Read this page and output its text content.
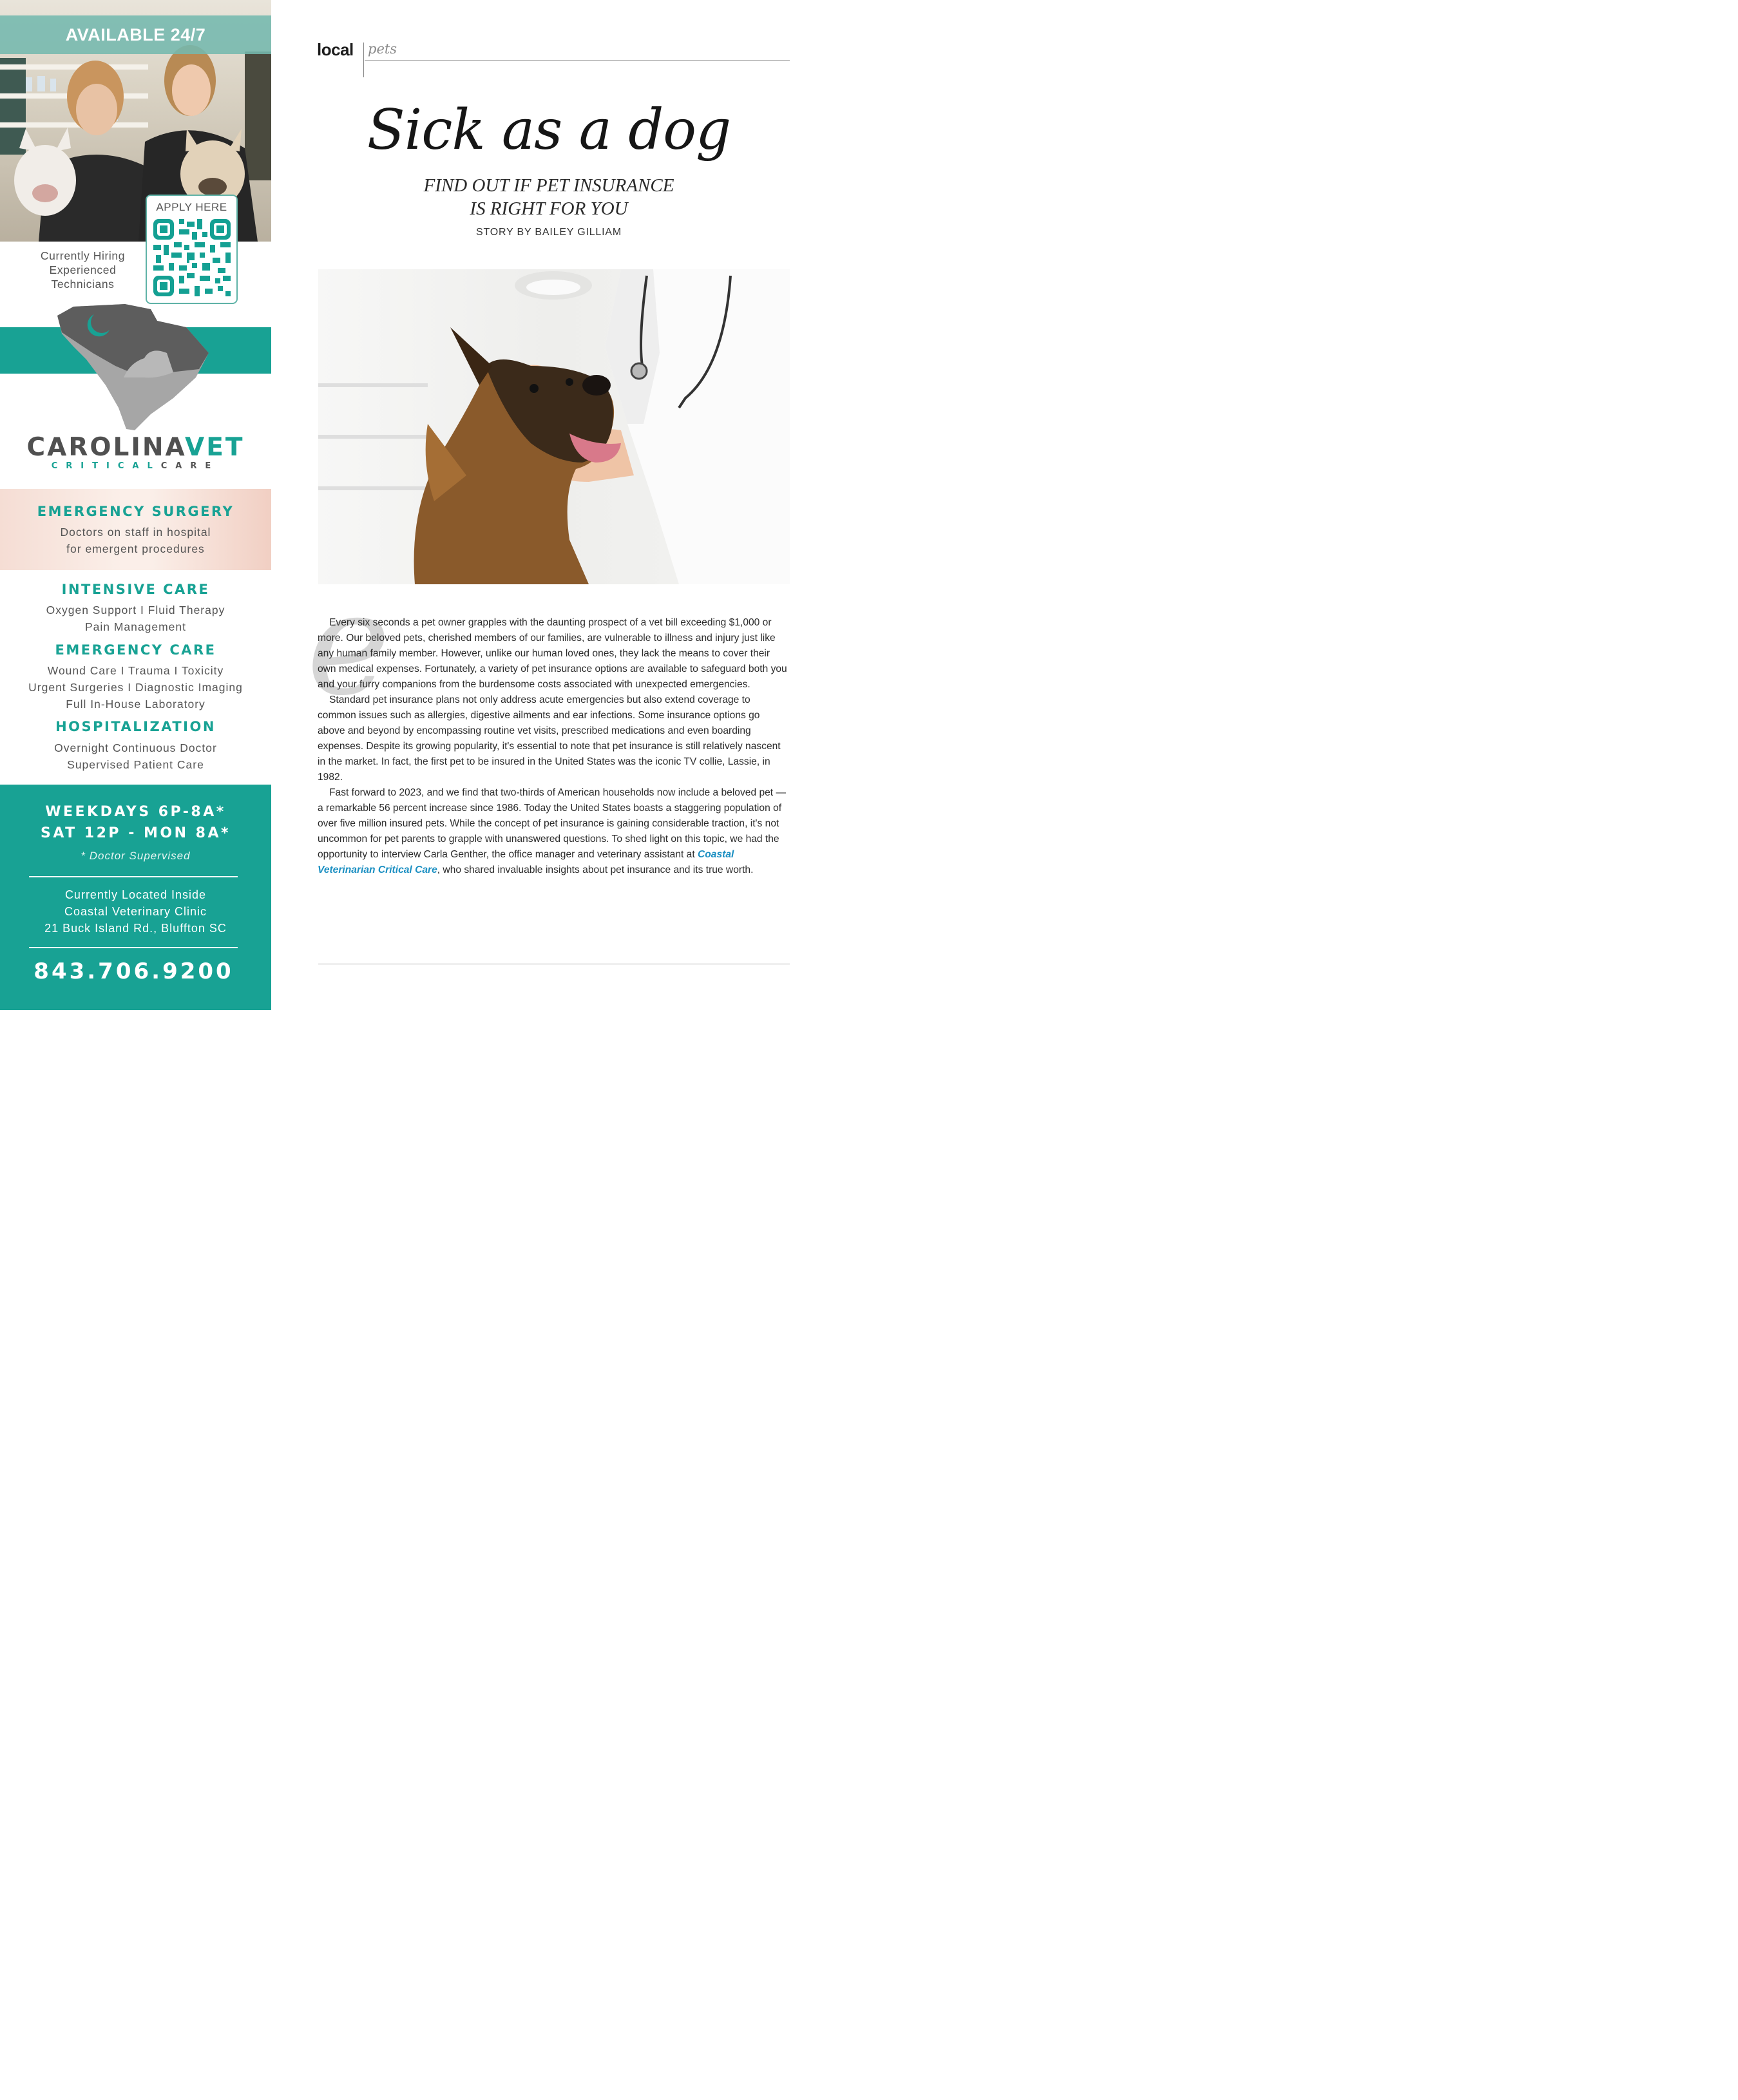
AVAILABLE 24/7
APPLY HERE
Currently Hiring
Experienced
Technicians
CAROLINAVET
CRITICALCARE
EMERGENCY SURGERY
Doctors on staff in hospital
for emergent procedures
INTENSIVE CARE
Oxygen Support I Fluid Therapy
Pain Management
EMERGENCY CARE
Wound Care I Trauma I Toxicity
Urgent Surgeries I Diagnostic Imaging
Full In-House Laboratory
HOSPITALIZATION
Overnight Continuous Doctor
Supervised Patient Care
WEEKDAYS 6P-8A*
SAT 12P - MON 8A*
* Doctor Supervised
Currently Located Inside
Coastal Veterinary Clinic
21 Buck Island Rd., Bluffton SC
843.706.9200
local pets
Sick as a dog
FIND OUT IF PET INSURANCE
IS RIGHT FOR YOU
STORY BY BAILEY GILLIAM
e

Every six seconds a pet owner grapples with the daunting prospect of a vet bill exceeding $1,000 or more. Our beloved pets, cherished members of our families, are vulnerable to illness and injury just like any human family member. However, unlike our human loved ones, they lack the means to cover their own medical expenses. Fortunately, a variety of pet insurance options are available to safeguard both you and your furry companions from the burdensome costs associated with unexpected emergencies.

Standard pet insurance plans not only address acute emergencies but also extend coverage to common issues such as allergies, digestive ailments and ear infections. Some insurance options go above and beyond by encompassing routine vet visits, prescribed medications and even boarding expenses. Despite its growing popularity, it's essential to note that pet insurance is still relatively nascent in the market. In fact, the first pet to be insured in the United States was the iconic TV collie, Lassie, in 1982.

Fast forward to 2023, and we find that two-thirds of American households now include a beloved pet — a remarkable 56 percent increase since 1986. Today the United States boasts a staggering population of over five million insured pets. While the concept of pet insurance is gaining considerable traction, it's not uncommon for pet parents to grapple with unanswered questions. To shed light on this topic, we had the opportunity to interview Carla Genther, the office manager and veterinary assistant at Coastal Veterinarian Critical Care, who shared invaluable insights about pet insurance and its true worth.
